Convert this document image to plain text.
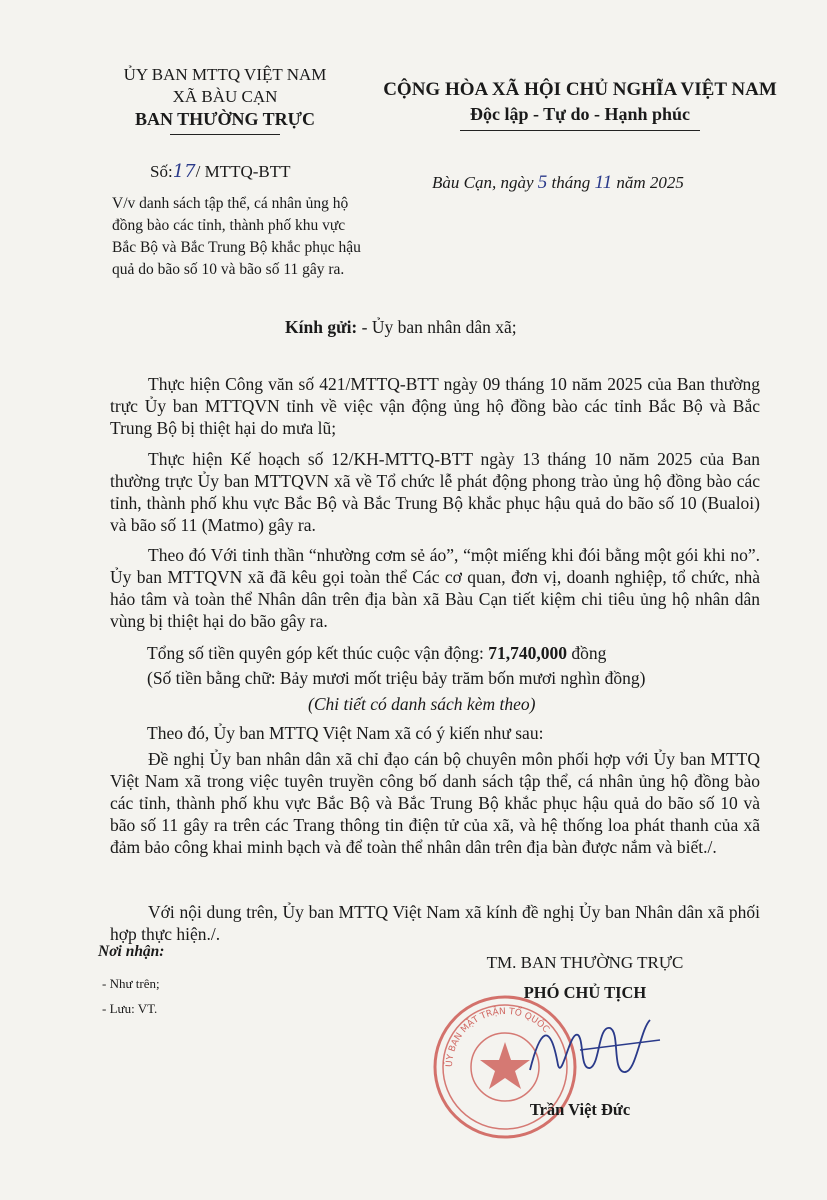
ỦY BAN MTTQ VIỆT NAM
XÃ BÀU CẠN
BAN THƯỜNG TRỰC
CỘNG HÒA XÃ HỘI CHỦ NGHĨA VIỆT NAM
Độc lập - Tự do - Hạnh phúc
Số:17/ MTTQ-BTT
V/v danh sách tập thể, cá nhân ủng hộ đồng bào các tỉnh, thành phố khu vực Bắc Bộ và Bắc Trung Bộ khắc phục hậu quả do bão số 10 và bão số 11 gây ra.
Bàu Cạn, ngày 5 tháng 11 năm 2025
Kính gửi: - Ủy ban nhân dân xã;
Thực hiện Công văn số 421/MTTQ-BTT ngày 09 tháng 10 năm 2025 của Ban thường trực Ủy ban MTTQVN tỉnh về việc vận động ủng hộ đồng bào các tỉnh Bắc Bộ và Bắc Trung Bộ bị thiệt hại do mưa lũ;
Thực hiện Kế hoạch số 12/KH-MTTQ-BTT ngày 13 tháng 10 năm 2025 của Ban thường trực Ủy ban MTTQVN xã về Tổ chức lễ phát động phong trào ủng hộ đồng bào các tỉnh, thành phố khu vực Bắc Bộ và Bắc Trung Bộ khắc phục hậu quả do bão số 10 (Bualoi) và bão số 11 (Matmo) gây ra.
Theo đó Với tinh thần “nhường cơm sẻ áo”, “một miếng khi đói bằng một gói khi no”. Ủy ban MTTQVN xã đã kêu gọi toàn thể Các cơ quan, đơn vị, doanh nghiệp, tổ chức, nhà hảo tâm và toàn thể Nhân dân trên địa bàn xã Bàu Cạn tiết kiệm chi tiêu ủng hộ nhân dân vùng bị thiệt hại do bão gây ra.
Tổng số tiền quyên góp kết thúc cuộc vận động: 71,740,000 đồng
(Số tiền bằng chữ: Bảy mươi mốt triệu bảy trăm bốn mươi nghìn đồng)
(Chi tiết có danh sách kèm theo)
Theo đó, Ủy ban MTTQ Việt Nam xã có ý kiến như sau:
Đề nghị Ủy ban nhân dân xã chỉ đạo cán bộ chuyên môn phối hợp với Ủy ban MTTQ Việt Nam xã trong việc tuyên truyền công bố danh sách tập thể, cá nhân ủng hộ đồng bào các tỉnh, thành phố khu vực Bắc Bộ và Bắc Trung Bộ khắc phục hậu quả do bão số 10 và bão số 11 gây ra trên các Trang thông tin điện tử của xã, và hệ thống loa phát thanh của xã đảm bảo công khai minh bạch và để toàn thể nhân dân trên địa bàn được nắm và biết./.
Với nội dung trên, Ủy ban MTTQ Việt Nam xã kính đề nghị Ủy ban Nhân dân xã phối hợp thực hiện./.
Nơi nhận:
- Như trên;
- Lưu: VT.
TM. BAN THƯỜNG TRỰC
PHÓ CHỦ TỊCH
ỦY BAN MẶT TRẬN TỔ QUỐC
Trần Việt Đức
